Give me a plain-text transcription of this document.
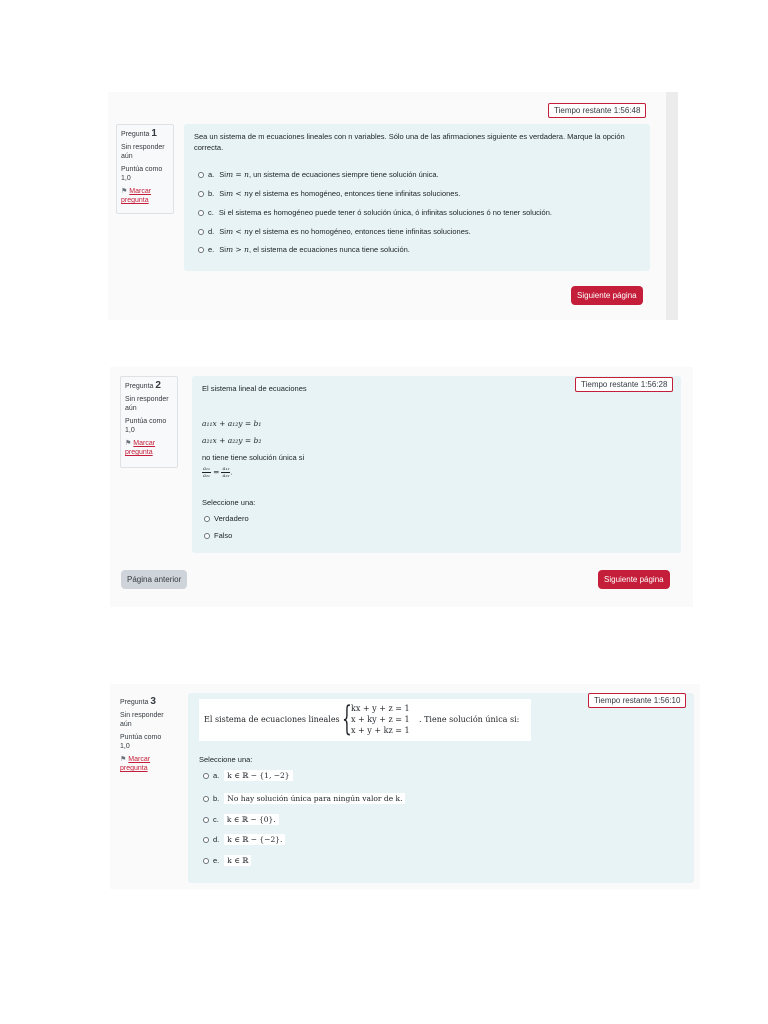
Pregunta 1
Sin responder aún
Puntúa como 1,0
⚑ Marcar pregunta
Tiempo restante 1:56:48
Sea un sistema de m ecuaciones lineales con n variables. Sólo una de las afirmaciones siguiente es verdadera. Marque la opción correcta.
a. Si m = n , un sistema de ecuaciones siempre tiene solución única.
b. Si m < n y el sistema es homogéneo, entonces tiene infinitas soluciones.
c. Si el sistema es homogéneo puede tener ó solución única, ó infinitas soluciones ó no tener solución.
d. Si m < n y el sistema es no homogéneo, entonces tiene infinitas soluciones.
e. Si m > n , el sistema de ecuaciones nunca tiene solución.
Siguiente página
Pregunta 2
Sin responder aún
Puntúa como 1,0
⚑ Marcar pregunta
Tiempo restante 1:56:28
El sistema lineal de ecuaciones
a₁₁x + a₁₂y = b₁
a₂₁x + a₂₂y = b₂
no tiene tiene solución única si
$\frac{\text{a₁₁}}{\text{a₂₁}} = \frac{\text{a₁₂}}{\text{a₂₂}}$ .
Seleccione una:
Verdadero
Falso
Página anterior	Siguiente página
Pregunta 3
Sin responder aún
Puntúa como 1,0
⚑ Marcar pregunta
Tiempo restante 1:56:10
El sistema de ecuaciones lineales { kx + y + z = 1
x + ky + z = 1
x + y + kz = 1
. Tiene solución única si:
Seleccione una:
a.	k ∈ ℝ − {1, −2}
b.	No hay solución única para ningún valor de k.
c.	k ∈ ℝ − {0}.
d.	k ∈ ℝ − {−2}.
e.	k ∈ ℝ
